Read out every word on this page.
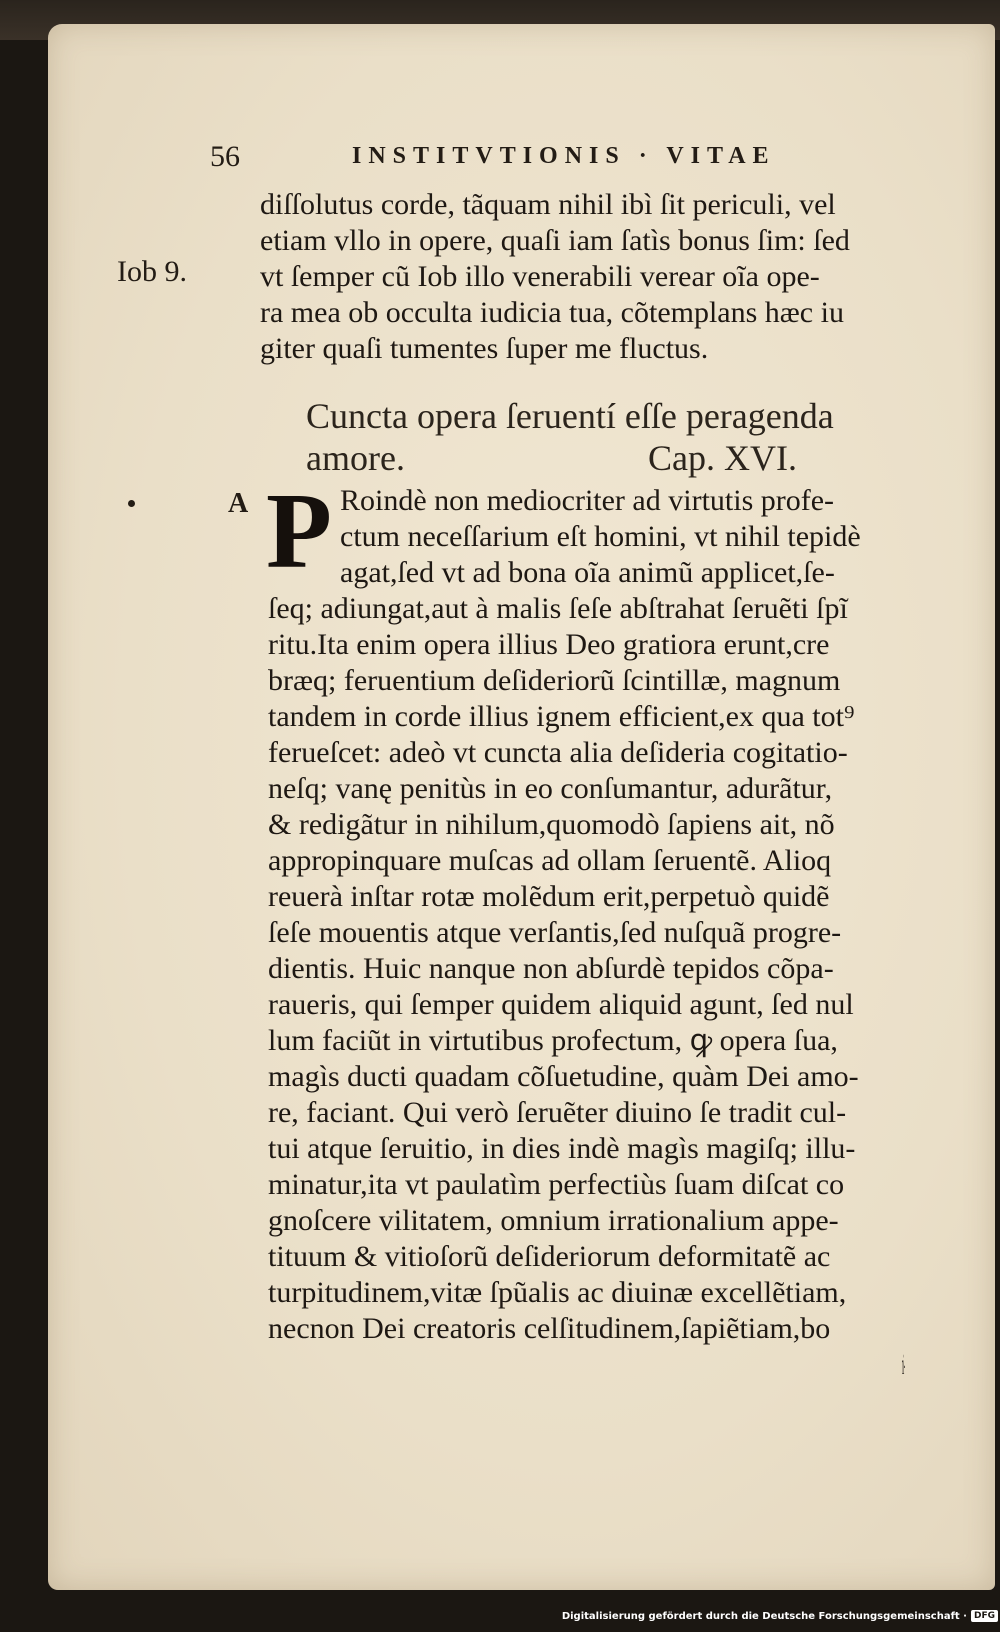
56	INSTITVTIONIS · VITAE
Iob 9.
diſſolutus corde, tãquam nihil ibì ſit periculi, vel
etiam vllo in opere, quaſi iam ſatìs bonus ſim: ſed
vt ſemper cũ Iob illo venerabili verear oĩa ope-
ra mea ob occulta iudicia tua, cõtemplans hæc iu
giter quaſi tumentes ſuper me fluctus.
Cuncta opera ſeruentí eſſe peragenda
amore.	Cap. XVI.
A P Roindè non mediocriter ad virtutis profe-
ctum neceſſarium eſt homini, vt nihil tepidè
agat,ſed vt ad bona oĩa animũ applicet,ſe-
ſeq; adiungat,aut à malis ſeſe abſtrahat ſeruẽti ſpĩ
ritu.Ita enim opera illius Deo gratiora erunt,cre
bræq; feruentium deſideriorũ ſcintillæ, magnum
tandem in corde illius ignem efficient,ex qua tot⁹
ferueſcet: adeò vt cuncta alia deſideria cogitatio-
neſq; vanę penitùs in eo conſumantur, adurãtur,
& redigãtur in nihilum,quomodò ſapiens ait, nõ
appropinquare muſcas ad ollam ſeruentẽ. Alioq
reuerà inſtar rotæ molẽdum erit,perpetuò quidẽ
ſeſe mouentis atque verſantis,ſed nuſquã progre-
dientis. Huic nanque non abſurdè tepidos cõpa-
raueris, qui ſemper quidem aliquid agunt, ſed nul
lum faciũt in virtutibus profectum, ꝙ opera ſua,
magìs ducti quadam cõſuetudine, quàm Dei amo-
re, faciant. Qui verò ſeruẽter diuino ſe tradit cul-
tui atque ſeruitio, in dies indè magìs magiſq; illu-
minatur,ita vt paulatìm perfectiùs ſuam diſcat co
gnoſcere vilitatem, omnium irrationalium appe-
tituum & vitioſorũ deſideriorum deformitatẽ ac
turpitudinem,vitæ ſpũalis ac diuinæ excellẽtiam,
necnon Dei creatoris celſitudinem,ſapiẽtiam,bo
ni-
Digitalisierung gefördert durch die Deutsche Forschungsgemeinschaft · DFG
